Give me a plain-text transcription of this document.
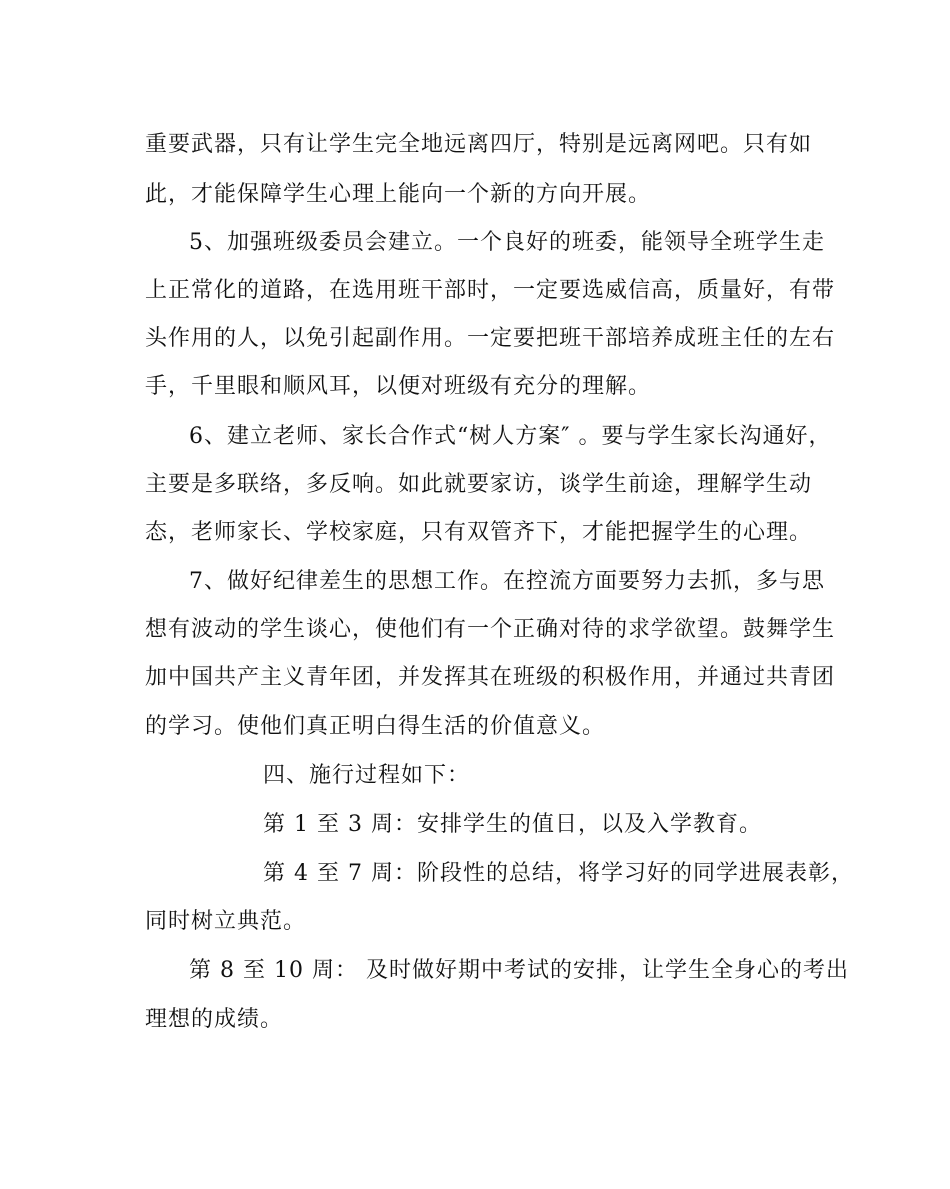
重要武器，只有让学生完全地远离四厅，特别是远离网吧。只有如

此，才能保障学生心理上能向一个新的方向开展。

5、加强班级委员会建立。一个良好的班委，能领导全班学生走

上正常化的道路，在选用班干部时，一定要选威信高，质量好，有带

头作用的人，以免引起副作用。一定要把班干部培养成班主任的左右

手，千里眼和顺风耳，以便对班级有充分的理解。

6、建立老师、家长合作式“树人方案″ 。要与学生家长沟通好，

主要是多联络，多反响。如此就要家访，谈学生前途，理解学生动

态，老师家长、学校家庭，只有双管齐下，才能把握学生的心理。

7、做好纪律差生的思想工作。在控流方面要努力去抓，多与思

想有波动的学生谈心，使他们有一个正确对待的求学欲望。鼓舞学生

加中国共产主义青年团，并发挥其在班级的积极作用，并通过共青团

的学习。使他们真正明白得生活的价值意义。

四、施行过程如下：

第 1 至 3 周：安排学生的值日，以及入学教育。

第 4 至 7 周：阶段性的总结，将学习好的同学进展表彰，

同时树立典范。

第 8 至 10 周： 及时做好期中考试的安排，让学生全身心的考出

理想的成绩。
